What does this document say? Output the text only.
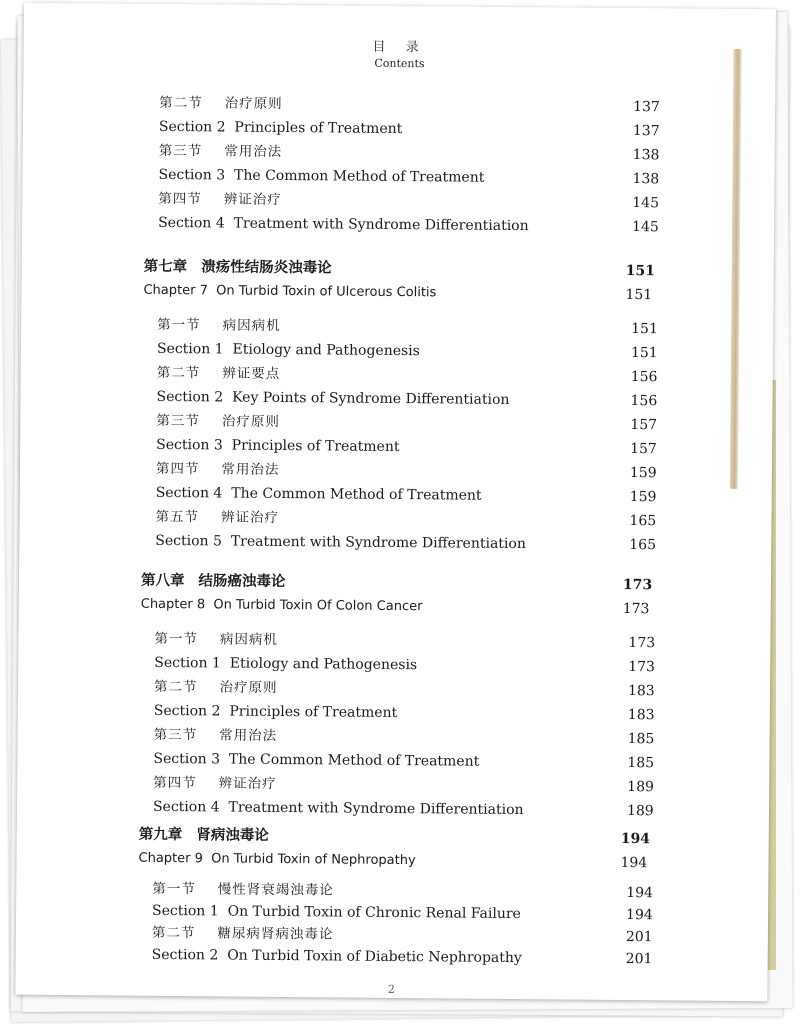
目 录
Contents
第二节 治疗原则	137
Section 2 Principles of Treatment	137
第三节 常用治法	138
Section 3 The Common Method of Treatment	138
第四节 辨证治疗	145
Section 4 Treatment with Syndrome Differentiation	145
第七章 溃疡性结肠炎浊毒论	151
Chapter 7 On Turbid Toxin of Ulcerous Colitis	151
第一节 病因病机	151
Section 1 Etiology and Pathogenesis	151
第二节 辨证要点	156
Section 2 Key Points of Syndrome Differentiation	156
第三节 治疗原则	157
Section 3 Principles of Treatment	157
第四节 常用治法	159
Section 4 The Common Method of Treatment	159
第五节 辨证治疗	165
Section 5 Treatment with Syndrome Differentiation	165
第八章 结肠癌浊毒论	173
Chapter 8 On Turbid Toxin Of Colon Cancer	173
第一节 病因病机	173
Section 1 Etiology and Pathogenesis	173
第二节 治疗原则	183
Section 2 Principles of Treatment	183
第三节 常用治法	185
Section 3 The Common Method of Treatment	185
第四节 辨证治疗	189
Section 4 Treatment with Syndrome Differentiation	189
第九章 肾病浊毒论	194
Chapter 9 On Turbid Toxin of Nephropathy	194
第一节 慢性肾衰竭浊毒论	194
Section 1 On Turbid Toxin of Chronic Renal Failure	194
第二节 糖尿病肾病浊毒论	201
Section 2 On Turbid Toxin of Diabetic Nephropathy	201
2
